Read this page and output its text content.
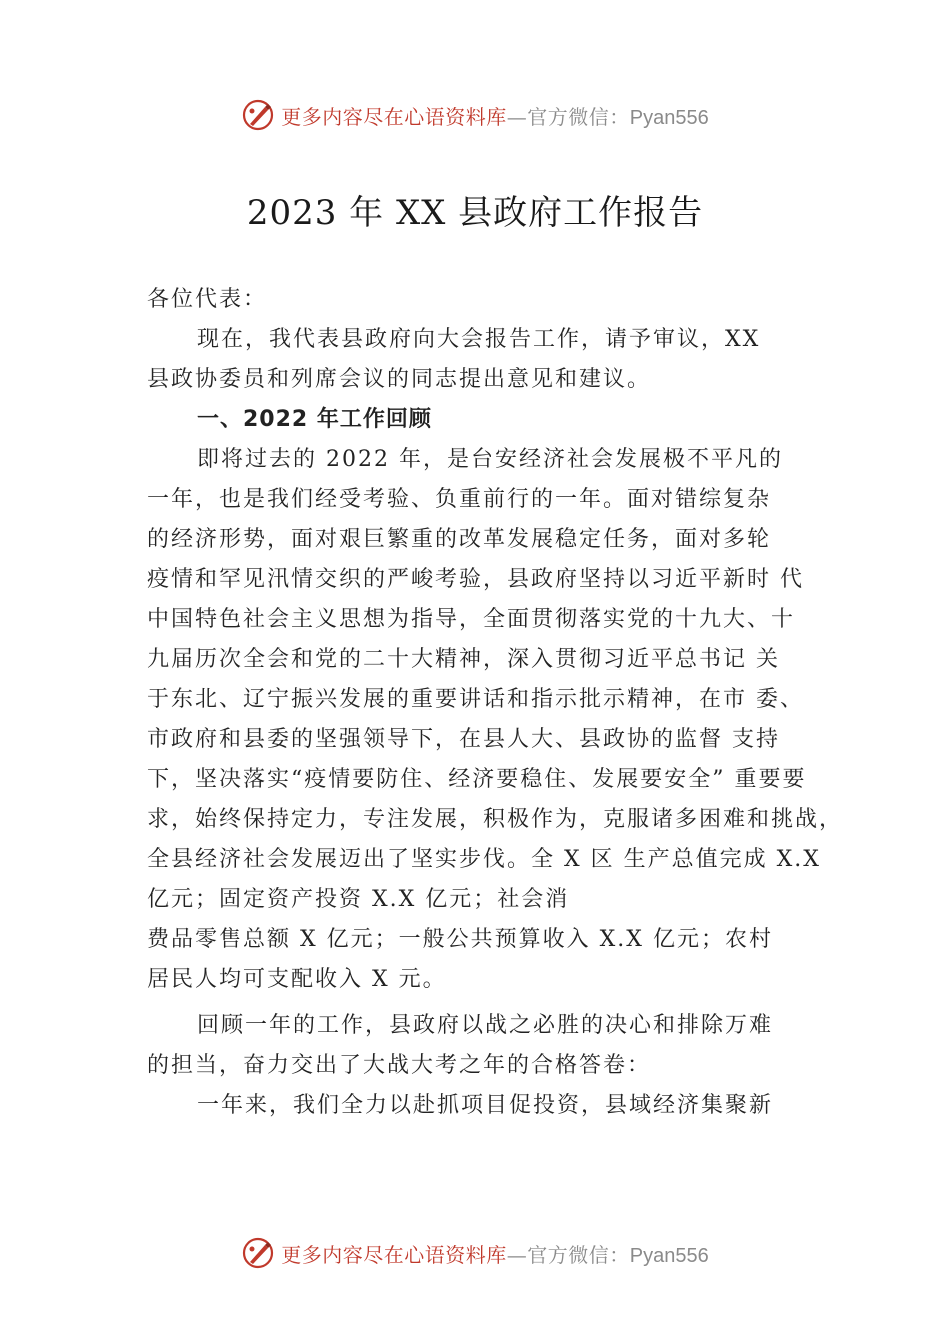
更多内容尽在心语资料库—官方微信：Pyan556
2023 年 XX 县政府工作报告
各位代表：
现在，我代表县政府向大会报告工作，请予审议，XX
县政协委员和列席会议的同志提出意见和建议。
一、2022 年工作回顾
即将过去的 2022 年，是台安经济社会发展极不平凡的
一年，也是我们经受考验、负重前行的一年。面对错综复杂
的经济形势，面对艰巨繁重的改革发展稳定任务，面对多轮
疫情和罕见汛情交织的严峻考验，县政府坚持以习近平新时 代
中国特色社会主义思想为指导，全面贯彻落实党的十九大、十
九届历次全会和党的二十大精神，深入贯彻习近平总书记 关
于东北、辽宁振兴发展的重要讲话和指示批示精神，在市 委、
市政府和县委的坚强领导下，在县人大、县政协的监督 支持
下，坚决落实“疫情要防住、经济要稳住、发展要安全” 重要要
求，始终保持定力，专注发展，积极作为，克服诸多困难和挑战，
全县经济社会发展迈出了坚实步伐。全 X 区 生产总值完成 X.X
亿元；固定资产投资 X.X 亿元；社会消
费品零售总额 X 亿元；一般公共预算收入 X.X 亿元；农村
居民人均可支配收入 X 元。
回顾一年的工作，县政府以战之必胜的决心和排除万难
的担当，奋力交出了大战大考之年的合格答卷：
一年来，我们全力以赴抓项目促投资，县域经济集聚新
更多内容尽在心语资料库—官方微信：Pyan556
